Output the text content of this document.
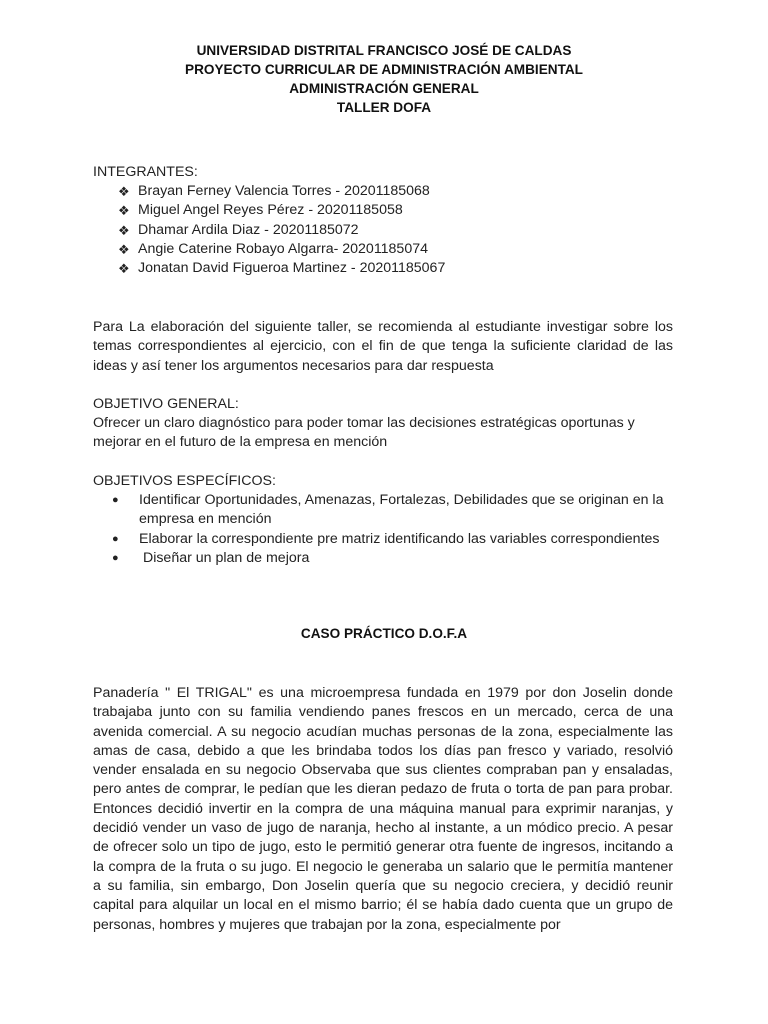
UNIVERSIDAD DISTRITAL FRANCISCO JOSÉ DE CALDAS
PROYECTO CURRICULAR DE ADMINISTRACIÓN AMBIENTAL
ADMINISTRACIÓN GENERAL
TALLER DOFA
INTEGRANTES:
❖ Brayan Ferney Valencia Torres - 20201185068
❖ Miguel Angel Reyes Pérez - 20201185058
❖ Dhamar Ardila Diaz - 20201185072
❖ Angie Caterine Robayo Algarra- 20201185074
❖ Jonatan David Figueroa Martinez - 20201185067

Para La elaboración del siguiente taller, se recomienda al estudiante investigar sobre los temas correspondientes al ejercicio, con el fin de que tenga la suficiente claridad de las ideas y así tener los argumentos necesarios para dar respuesta

OBJETIVO GENERAL:

Ofrecer un claro diagnóstico para poder tomar las decisiones estratégicas oportunas y mejorar en el futuro de la empresa en mención

OBJETIVOS ESPECÍFICOS:
●	Identificar Oportunidades, Amenazas, Fortalezas, Debilidades que se originan en la empresa en mención
●	Elaborar la correspondiente pre matriz identificando las variables correspondientes
●	Diseñar un plan de mejora
CASO PRÁCTICO D.O.F.A

Panadería " El TRIGAL" es una microempresa fundada en 1979 por don Joselin donde trabajaba junto con su familia vendiendo panes frescos en un mercado, cerca de una avenida comercial. A su negocio acudían muchas personas de la zona, especialmente las amas de casa, debido a que les brindaba todos los días pan fresco y variado, resolvió vender ensalada en su negocio Observaba que sus clientes compraban pan y ensaladas, pero antes de comprar, le pedían que les dieran pedazo de fruta o torta de pan para probar. Entonces decidió invertir en la compra de una máquina manual para exprimir naranjas, y decidió vender un vaso de jugo de naranja, hecho al instante, a un módico precio. A pesar de ofrecer solo un tipo de jugo, esto le permitió generar otra fuente de ingresos, incitando a la compra de la fruta o su jugo. El negocio le generaba un salario que le permitía mantener a su familia, sin embargo, Don Joselin quería que su negocio creciera, y decidió reunir capital para alquilar un local en el mismo barrio; él se había dado cuenta que un grupo de personas, hombres y mujeres que trabajan por la zona, especialmente por
